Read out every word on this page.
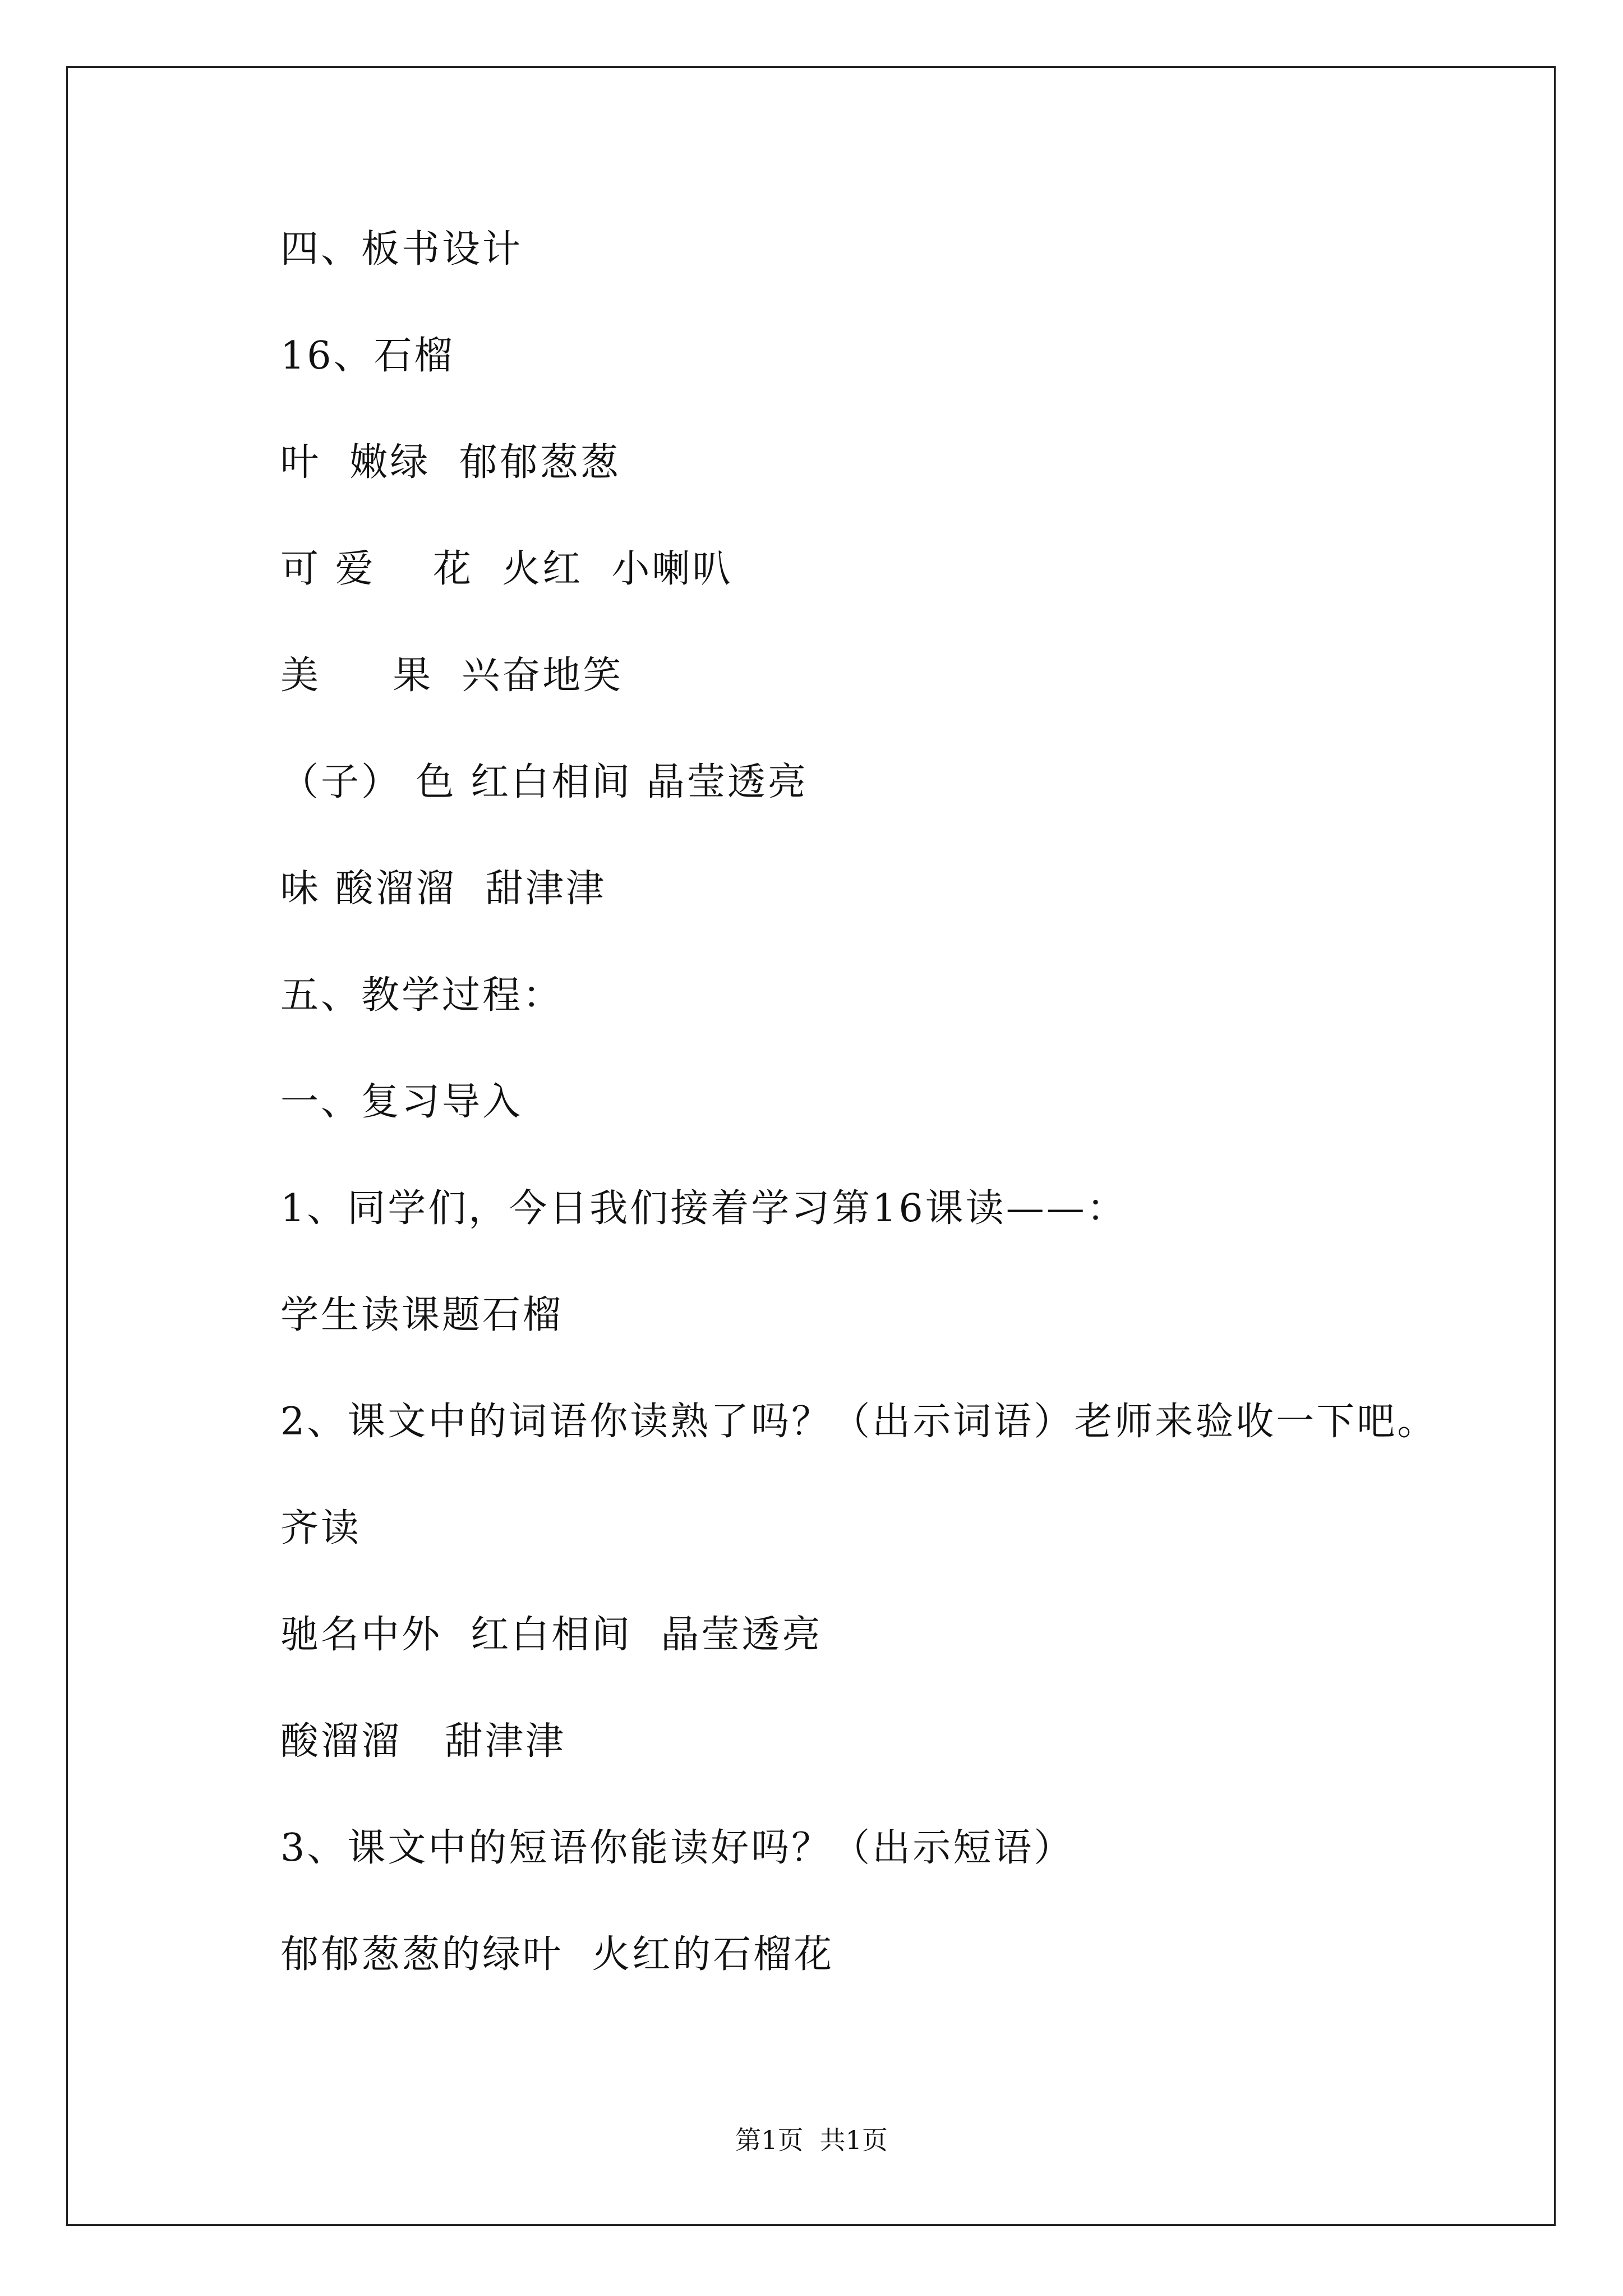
四、板书设计

16、石榴

叶  嫩绿  郁郁葱葱

可 爱    花  火红  小喇叭

美     果  兴奋地笑

（子） 色 红白相间 晶莹透亮

味 酸溜溜  甜津津

五、教学过程：

一、复习导入

1、同学们，今日我们接着学习第16课读——：

学生读课题石榴

2、课文中的词语你读熟了吗？（出示词语）老师来验收一下吧。

齐读

驰名中外  红白相间  晶莹透亮

酸溜溜   甜津津

3、课文中的短语你能读好吗？（出示短语）

郁郁葱葱的绿叶  火红的石榴花

第1页  共1页
